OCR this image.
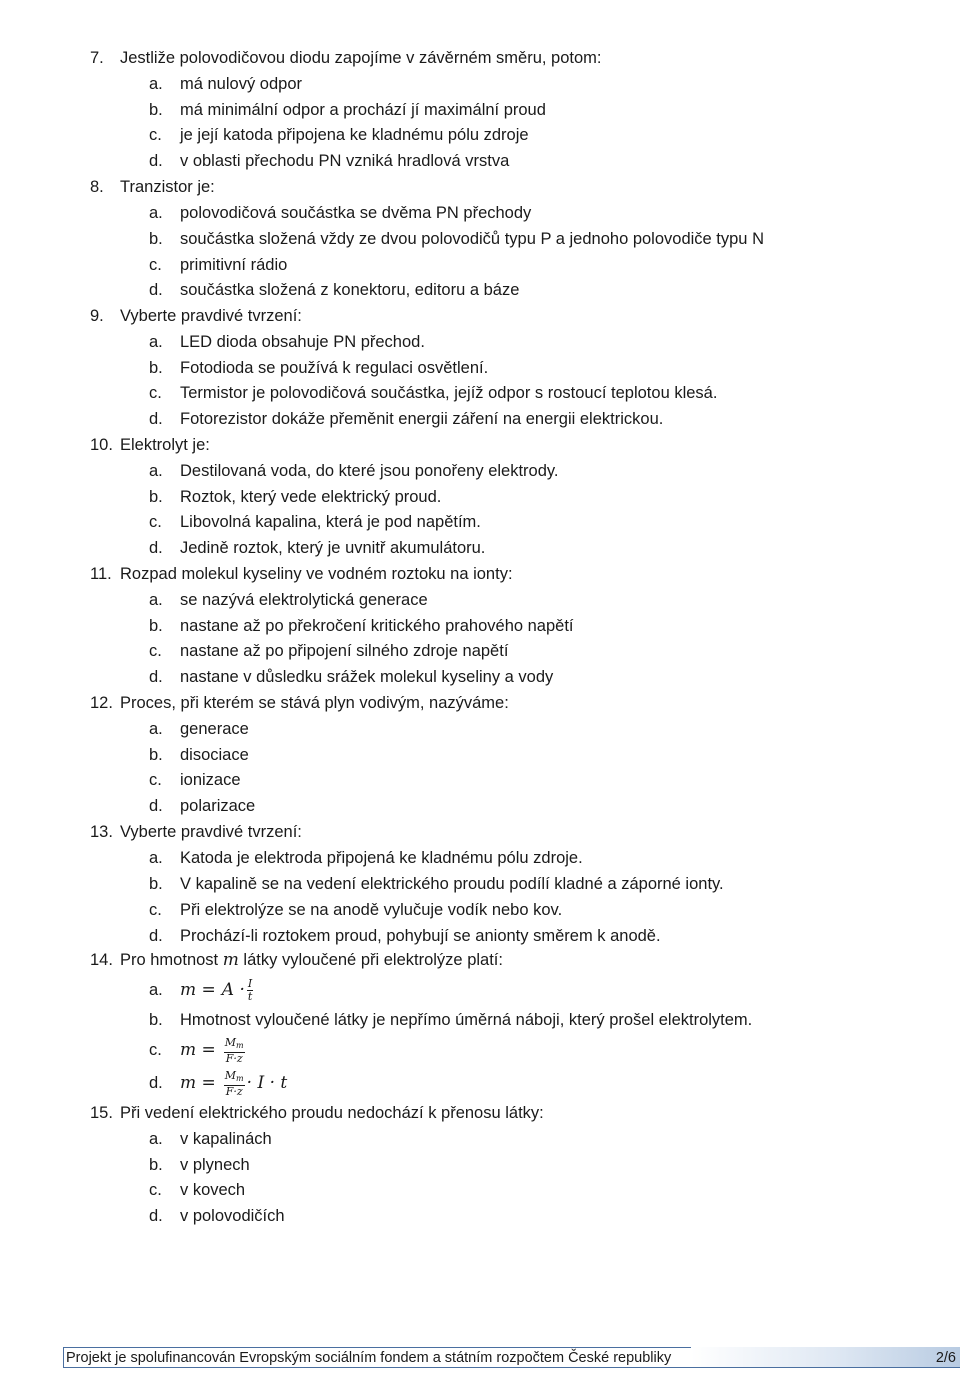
7. Jestliže polovodičovou diodu zapojíme v závěrném směru, potom:
a. má nulový odpor
b. má minimální odpor a prochází jí maximální proud
c. je její katoda připojena ke kladnému pólu zdroje
d. v oblasti přechodu PN vzniká hradlová vrstva
8. Tranzistor je:
a. polovodičová součástka se dvěma PN přechody
b. součástka složená vždy ze dvou polovodičů typu P a jednoho polovodiče typu N
c. primitivní rádio
d. součástka složená z konektoru, editoru a báze
9. Vyberte pravdivé tvrzení:
a. LED dioda obsahuje PN přechod.
b. Fotodioda se používá k regulaci osvětlení.
c. Termistor je polovodičová součástka, jejíž odpor s rostoucí teplotou klesá.
d. Fotorezistor dokáže přeměnit energii záření na energii elektrickou.
10. Elektrolyt je:
a. Destilovaná voda, do které jsou ponořeny elektrody.
b. Roztok, který vede elektrický proud.
c. Libovolná kapalina, která je pod napětím.
d. Jedině roztok, který je uvnitř akumulátoru.
11. Rozpad molekul kyseliny ve vodném roztoku na ionty:
a. se nazývá elektrolytická generace
b. nastane až po překročení kritického prahového napětí
c. nastane až po připojení silného zdroje napětí
d. nastane v důsledku srážek molekul kyseliny a vody
12. Proces, při kterém se stává plyn vodivým, nazýváme:
a. generace
b. disociace
c. ionizace
d. polarizace
13. Vyberte pravdivé tvrzení:
a. Katoda je elektroda připojená ke kladnému pólu zdroje.
b. V kapalině se na vedení elektrického proudu podílí kladné a záporné ionty.
c. Při elektrolýze se na anodě vylučuje vodík nebo kov.
d. Prochází-li roztokem proud, pohybují se anionty směrem k anodě.
14. Pro hmotnost m látky vyloučené při elektrolýze platí:
a. $m = A \cdot \frac{I}{t}$
b. Hmotnost vyloučené látky je nepřímo úměrná náboji, který prošel elektrolytem.
c. $m = \frac{M_m}{F\cdot z}$
d. $m = \frac{M_m}{F\cdot z} \cdot I \cdot t$
15. Při vedení elektrického proudu nedochází k přenosu látky:
a. v kapalinách
b. v plynech
c. v kovech
d. v polovodičích
Projekt je spolufinancován Evropským sociálním fondem a státním rozpočtem České republiky	2/6
